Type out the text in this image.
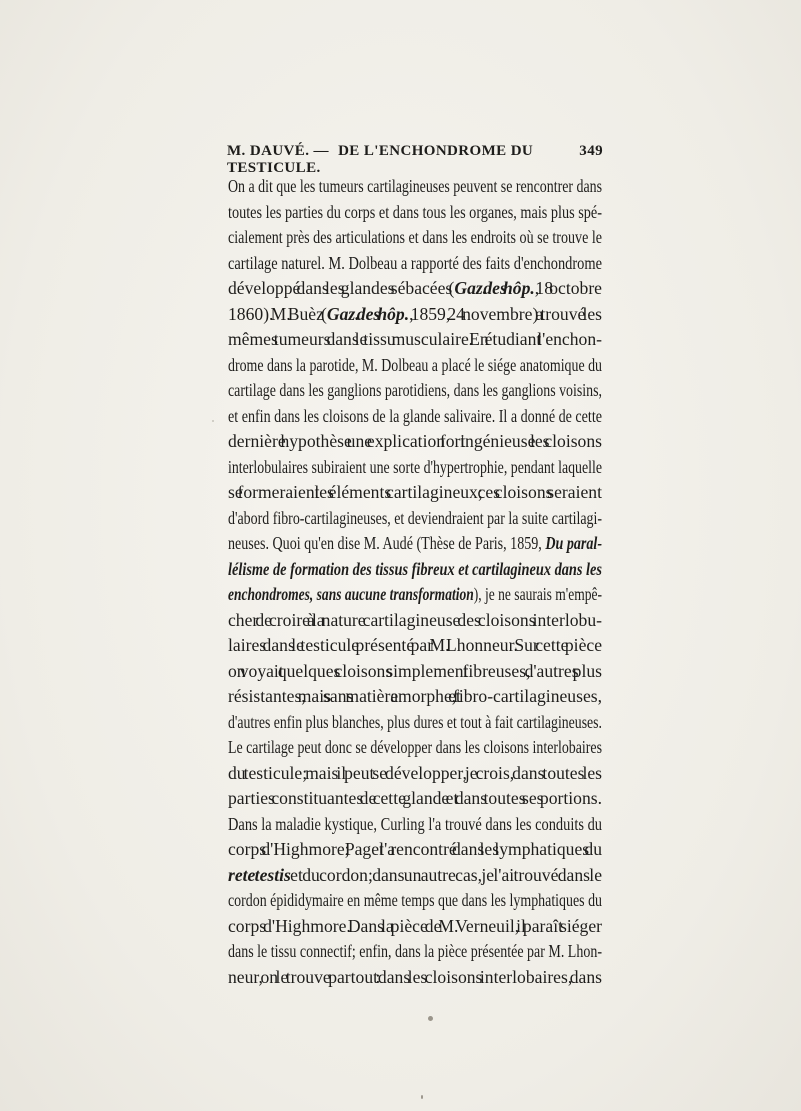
M. DAUVÉ. — DE L'ENCHONDROME DU TESTICULE.
349
On a dit que les tumeurs cartilagineuses peuvent se rencontrer dans
toutes les parties du corps et dans tous les organes, mais plus spé-
cialement près des articulations et dans les endroits où se trouve le
cartilage naturel. M. Dolbeau a rapporté des faits d'enchondrome
développé dans les glandes sébacées (Gaz. des hôp., 18 octobre
1860). M. Buèz (Gaz. des hôp., 1859, 24 novembre) a trouvé les
mêmes tumeurs dans le tissu musculaire. En étudiant l'enchon-
drome dans la parotide, M. Dolbeau a placé le siége anatomique du
cartilage dans les ganglions parotidiens, dans les ganglions voisins,
et enfin dans les cloisons de la glande salivaire. Il a donné de cette
dernière hypothèse une explication fort ingénieuse : les cloisons
interlobulaires subiraient une sorte d'hypertrophie, pendant laquelle
se formeraient les éléments cartilagineux; ces cloisons seraient
d'abord fibro-cartilagineuses, et deviendraient par la suite cartilagi-
neuses. Quoi qu'en dise M. Audé (Thèse de Paris, 1859, Du paral-
lélisme de formation des tissus fibreux et cartilagineux dans les
enchondromes, sans aucune transformation), je ne saurais m'empê-
cher de croire à la nature cartilagineuse des cloisons interlobu-
laires dans le testicule présenté par M. Lhonneur. Sur cette pièce
on voyait quelques cloisons simplement fibreuses, d'autres plus
résistantes, mais sans matière amorphe, et fibro-cartilagineuses,
d'autres enfin plus blanches, plus dures et tout à fait cartilagineuses.
Le cartilage peut donc se développer dans les cloisons interlobaires
du testicule; mais il peut se développer, je crois, dans toutes les
parties constituantes de cette glande et dans toutes ses portions.
Dans la maladie kystique, Curling l'a trouvé dans les conduits du
corps d'Highmore; Paget l'a rencontré dans les lymphatiques du
rete testis et du cordon; dans un autre cas, je l'ai trouvé dans le
cordon épididymaire en même temps que dans les lymphatiques du
corps d'Highmore. Dans la pièce de M. Verneuil, il paraît siéger
dans le tissu connectif; enfin, dans la pièce présentée par M. Lhon-
neur, on le trouve partout : dans les cloisons interlobaires, dans
